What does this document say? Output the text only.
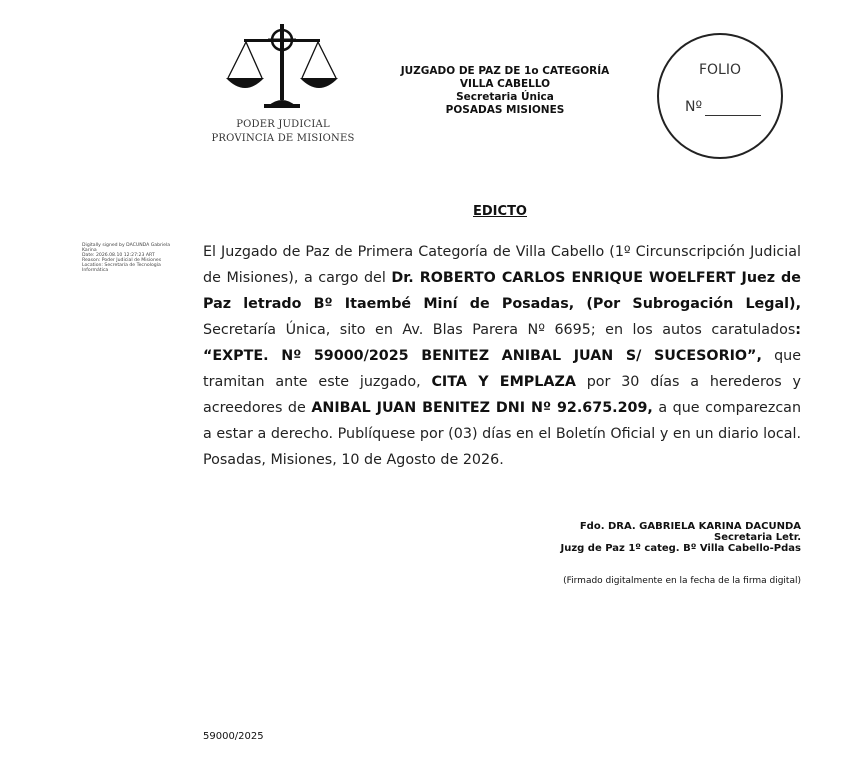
PODER JUDICIAL
PROVINCIA DE MISIONES
JUZGADO DE PAZ DE 1o CATEGORÍA
VILLA CABELLO
Secretaria Única
POSADAS MISIONES
FOLIO
Nº
EDICTO
Digitally signed by DACUNDA Gabriela
Karina
Date: 2026.08.10 12:27:23 ART
Reason: Poder Judicial de Misiones
Location: Secretaría de Tecnología
Informática
El Juzgado de Paz de Primera Categoría de Villa Cabello (1º Circunscripción Judicial de Misiones), a cargo del Dr. ROBERTO CARLOS ENRIQUE WOELFERT Juez de Paz letrado Bº Itaembé Miní de Posadas, (Por Subrogación Legal), Secretaría Única, sito en Av. Blas Parera Nº 6695; en los autos caratulados: “EXPTE. Nº 59000/2025 BENITEZ ANIBAL JUAN S/ SUCESORIO”, que tramitan ante este juzgado, CITA Y EMPLAZA por 30 días a herederos y acreedores de ANIBAL JUAN BENITEZ DNI Nº 92.675.209, a que comparezcan a estar a derecho. Publíquese por (03) días en el Boletín Oficial y en un diario local. Posadas, Misiones, 10 de Agosto de 2026.
Fdo. DRA. GABRIELA KARINA DACUNDA
Secretaria Letr.
Juzg de Paz 1º categ. Bº Villa Cabello-Pdas
(Firmado digitalmente en la fecha de la firma digital)
59000/2025
